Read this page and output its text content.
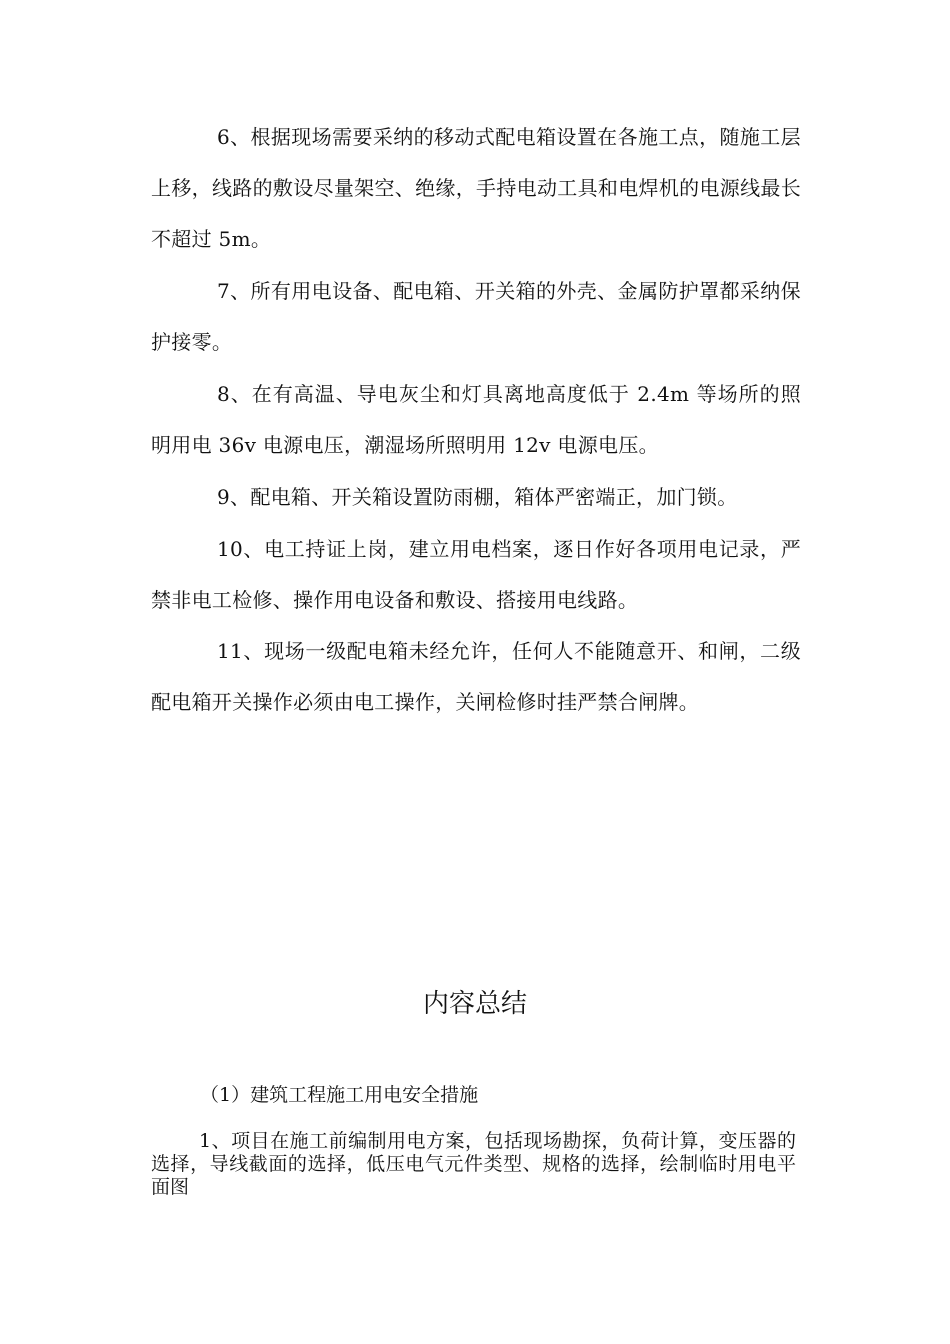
6、根据现场需要采纳的移动式配电箱设置在各施工点，随施工层上移，线路的敷设尽量架空、绝缘，手持电动工具和电焊机的电源线最长不超过 5m。

7、所有用电设备、配电箱、开关箱的外壳、金属防护罩都采纳保护接零。

8、在有高温、导电灰尘和灯具离地高度低于 2.4m 等场所的照明用电 36v 电源电压，潮湿场所照明用 12v 电源电压。

9、配电箱、开关箱设置防雨棚，箱体严密端正，加门锁。

10、电工持证上岗，建立用电档案，逐日作好各项用电记录，严禁非电工检修、操作用电设备和敷设、搭接用电线路。

11、现场一级配电箱未经允许，任何人不能随意开、和闸，二级配电箱开关操作必须由电工操作，关闸检修时挂严禁合闸牌。

内容总结

（1）建筑工程施工用电安全措施

1、项目在施工前编制用电方案，包括现场勘探，负荷计算，变压器的选择，导线截面的选择，低压电气元件类型、规格的选择，绘制临时用电平面图
